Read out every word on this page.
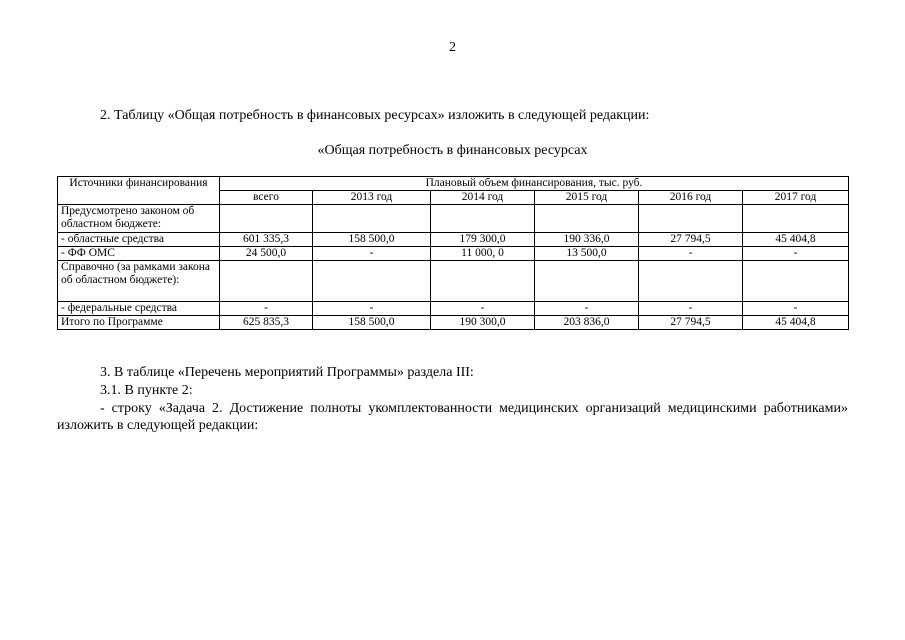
2
2. Таблицу «Общая потребность в финансовых ресурсах» изложить в следующей редакции:
«Общая потребность в финансовых ресурсах
Источники финансирования	Плановый объем финансирования, тыс. руб.					
	всего	2013 год	2014 год	2015 год	2016 год	2017 год
Предусмотрено законом об областном бюджете:						
- областные средства	601 335,3	158 500,0	179 300,0	190 336,0	27 794,5	45 404,8
- ФФ ОМС	24 500,0	-	11 000, 0	13 500,0	-	-
Справочно (за рамками закона об областном бюджете):						
- федеральные средства	-	-	-	-	-	-
Итого по Программе	625 835,3	158 500,0	190 300,0	203 836,0	27 794,5	45 404,8
3. В таблице «Перечень мероприятий Программы» раздела III:
3.1. В пункте 2:
- строку «Задача 2. Достижение полноты укомплектованности медицинских организаций медицинскими работниками» изложить в следующей редакции:
